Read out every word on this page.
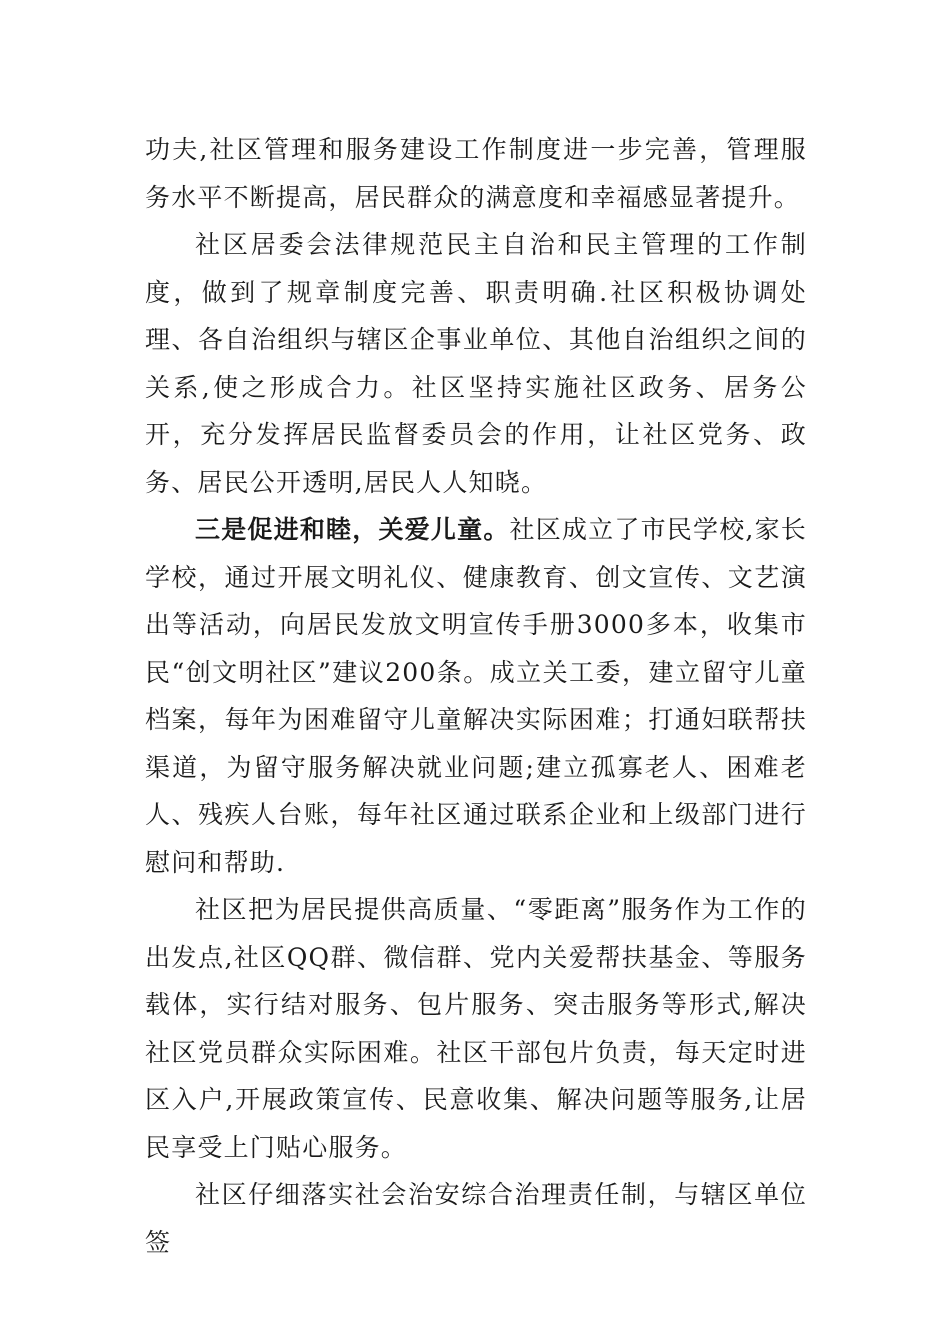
功夫,社区管理和服务建设工作制度进一步完善，管理服务水平不断提高，居民群众的满意度和幸福感显著提升。

社区居委会法律规范民主自治和民主管理的工作制度，做到了规章制度完善、职责明确.社区积极协调处理、各自治组织与辖区企事业单位、其他自治组织之间的关系,使之形成合力。社区坚持实施社区政务、居务公开，充分发挥居民监督委员会的作用，让社区党务、政务、居民公开透明,居民人人知晓。

三是促进和睦，关爱儿童。社区成立了市民学校,家长学校，通过开展文明礼仪、健康教育、创文宣传、文艺演出等活动，向居民发放文明宣传手册3000多本，收集市民“创文明社区”建议200条。成立关工委，建立留守儿童档案，每年为困难留守儿童解决实际困难；打通妇联帮扶渠道，为留守服务解决就业问题;建立孤寡老人、困难老人、残疾人台账，每年社区通过联系企业和上级部门进行慰问和帮助.

社区把为居民提供高质量、“零距离”服务作为工作的出发点,社区QQ群、微信群、党内关爱帮扶基金、等服务载体，实行结对服务、包片服务、突击服务等形式,解决社区党员群众实际困难。社区干部包片负责，每天定时进区入户,开展政策宣传、民意收集、解决问题等服务,让居民享受上门贴心服务。

社区仔细落实社会治安综合治理责任制，与辖区单位签
